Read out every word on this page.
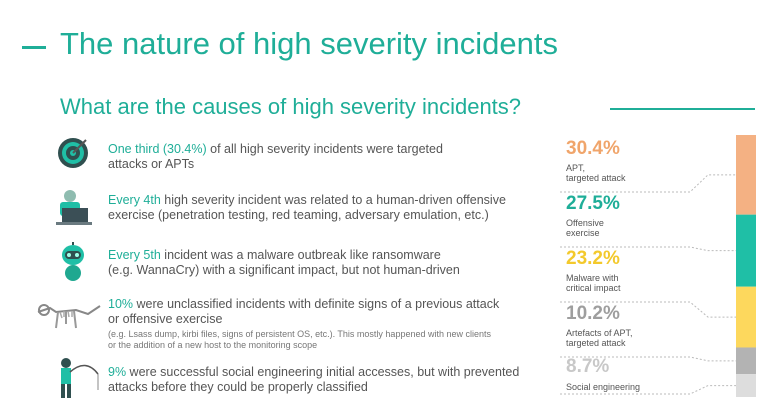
The nature of high severity incidents
What are the causes of high severity incidents?
One third (30.4%) of all high severity incidents were targeted
attacks or APTs
Every 4th high severity incident was related to a human-driven offensive
exercise (penetration testing, red teaming, adversary emulation, etc.)
Every 5th incident was a malware outbreak like ransomware
(e.g. WannaCry) with a significant impact, but not human-driven
10% were unclassified incidents with definite signs of a previous attack
or offensive exercise
(e.g. Lsass dump, kirbi files, signs of persistent OS, etc.). This mostly happened with new clients
or the addition of a new host to the monitoring scope
9% were successful social engineering initial accesses, but with prevented
attacks before they could be properly classified
30.4%
APT,
targeted attack
27.5%
Offensive
exercise
23.2%
Malware with
critical impact
10.2%
Artefacts of APT,
targeted attack
8.7%
Social engineering
